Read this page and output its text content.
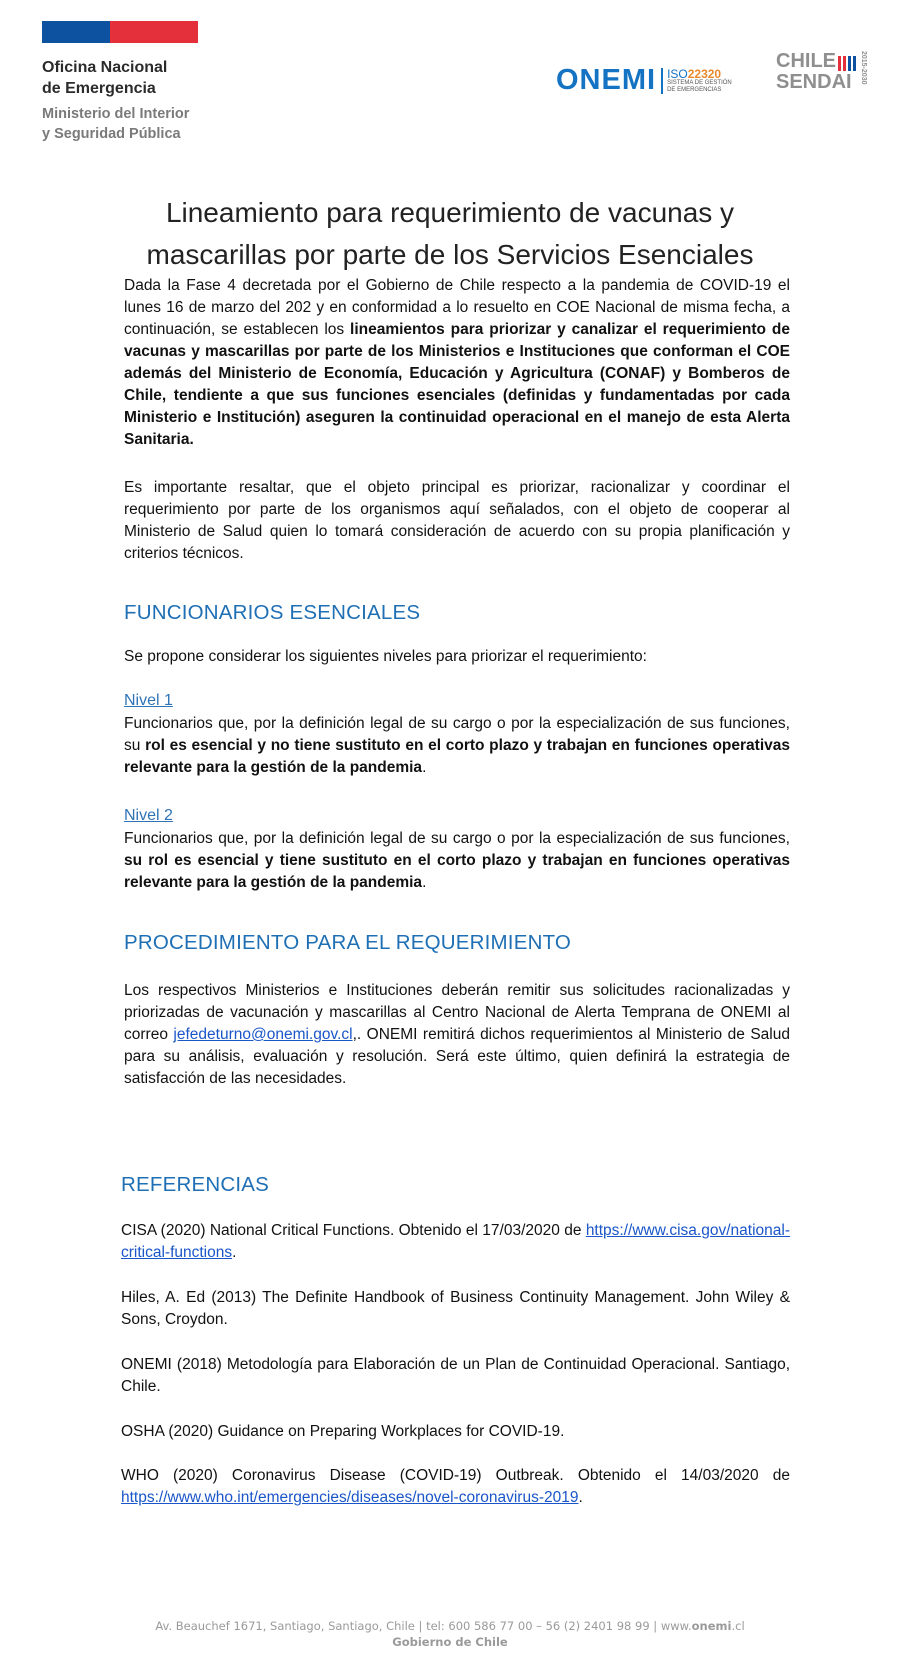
Oficina Nacional
de Emergencia
Ministerio del Interior
y Seguridad Pública
ONEMI ISO22320
SISTEMA DE GESTIÓN
DE EMERGENCIAS
CHILE
SENDAI	2015-2030
Lineamiento para requerimiento de vacunas y
mascarillas por parte de los Servicios Esenciales

Dada la Fase 4 decretada por el Gobierno de Chile respecto a la pandemia de COVID-19 el lunes 16 de marzo del 202 y en conformidad a lo resuelto en COE Nacional de misma fecha, a continuación, se establecen los lineamientos para priorizar y canalizar el requerimiento de vacunas y mascarillas por parte de los Ministerios e Instituciones que conforman el COE además del Ministerio de Economía, Educación y Agricultura (CONAF) y Bomberos de Chile, tendiente a que sus funciones esenciales (definidas y fundamentadas por cada Ministerio e Institución) aseguren la continuidad operacional en el manejo de esta Alerta Sanitaria.

Es importante resaltar, que el objeto principal es priorizar, racionalizar y coordinar el requerimiento por parte de los organismos aquí señalados, con el objeto de cooperar al Ministerio de Salud quien lo tomará consideración de acuerdo con su propia planificación y criterios técnicos.

FUNCIONARIOS ESENCIALES

Se propone considerar los siguientes niveles para priorizar el requerimiento:

Nivel 1

Funcionarios que, por la definición legal de su cargo o por la especialización de sus funciones, su rol es esencial y no tiene sustituto en el corto plazo y trabajan en funciones operativas relevante para la gestión de la pandemia.

Nivel 2

Funcionarios que, por la definición legal de su cargo o por la especialización de sus funciones, su rol es esencial y tiene sustituto en el corto plazo y trabajan en funciones operativas relevante para la gestión de la pandemia.

PROCEDIMIENTO PARA EL REQUERIMIENTO

Los respectivos Ministerios e Instituciones deberán remitir sus solicitudes racionalizadas y priorizadas de vacunación y mascarillas al Centro Nacional de Alerta Temprana de ONEMI al correo jefedeturno@onemi.gov.cl,. ONEMI remitirá dichos requerimientos al Ministerio de Salud para su análisis, evaluación y resolución. Será este último, quien definirá la estrategia de satisfacción de las necesidades.

REFERENCIAS

CISA (2020) National Critical Functions. Obtenido el 17/03/2020 de https://www.cisa.gov/national-critical-functions.

Hiles, A. Ed (2013) The Definite Handbook of Business Continuity Management. John Wiley & Sons, Croydon.

ONEMI (2018) Metodología para Elaboración de un Plan de Continuidad Operacional. Santiago, Chile.

OSHA (2020) Guidance on Preparing Workplaces for COVID-19.

WHO (2020) Coronavirus Disease (COVID-19) Outbreak. Obtenido el 14/03/2020 de https://www.who.int/emergencies/diseases/novel-coronavirus-2019.

Av. Beauchef 1671, Santiago, Santiago, Chile | tel: 600 586 77 00 – 56 (2) 2401 98 99 | www.onemi.cl
Gobierno de Chile
